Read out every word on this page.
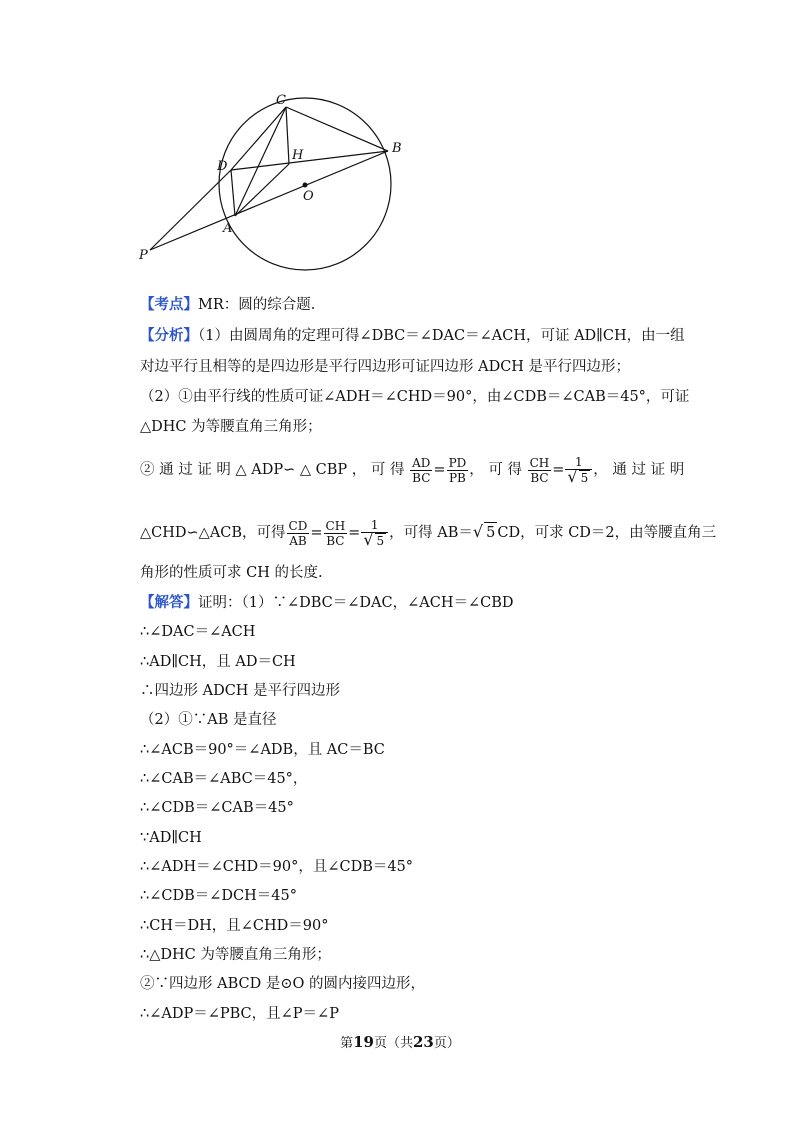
C
B
D
H
O
A
P
【考点】MR：圆的综合题.
【分析】（1）由圆周角的定理可得∠DBC＝∠DAC＝∠ACH，可证 AD∥CH，由一组
对边平行且相等的是四边形是平行四边形可证四边形 ADCH 是平行四边形；
（2）①由平行线的性质可证∠ADH＝∠CHD＝90°，由∠CDB＝∠CAB＝45°，可证
△DHC 为等腰直角三角形；
② 通 过 证 明 △ ADP∽ △ CBP ， 可 得 $\frac{AD}{BC} = \frac{PD}{PB}$ ， 可 得 $\frac{CH}{BC} = \frac{1}{√ 5}$ ， 通 过 证 明
△CHD∽△ACB，可得 $\frac{CD}{AB} = \frac{CH}{BC} = \frac{1}{√ 5}$ ，可得 AB＝√ 5 CD，可求 CD＝2，由等腰直角三
角形的性质可求 CH 的长度.
【解答】证明：（1）∵∠DBC＝∠DAC，∠ACH＝∠CBD
∴∠DAC＝∠ACH
∴AD∥CH，且 AD＝CH
∴四边形 ADCH 是平行四边形
（2）①∵AB 是直径
∴∠ACB＝90°＝∠ADB，且 AC＝BC
∴∠CAB＝∠ABC＝45°，
∴∠CDB＝∠CAB＝45°
∵AD∥CH
∴∠ADH＝∠CHD＝90°，且∠CDB＝45°
∴∠CDB＝∠DCH＝45°
∴CH＝DH，且∠CHD＝90°
∴△DHC 为等腰直角三角形；
②∵四边形 ABCD 是⊙O 的圆内接四边形，
∴∠ADP＝∠PBC，且∠P＝∠P
第19页（共23页）
